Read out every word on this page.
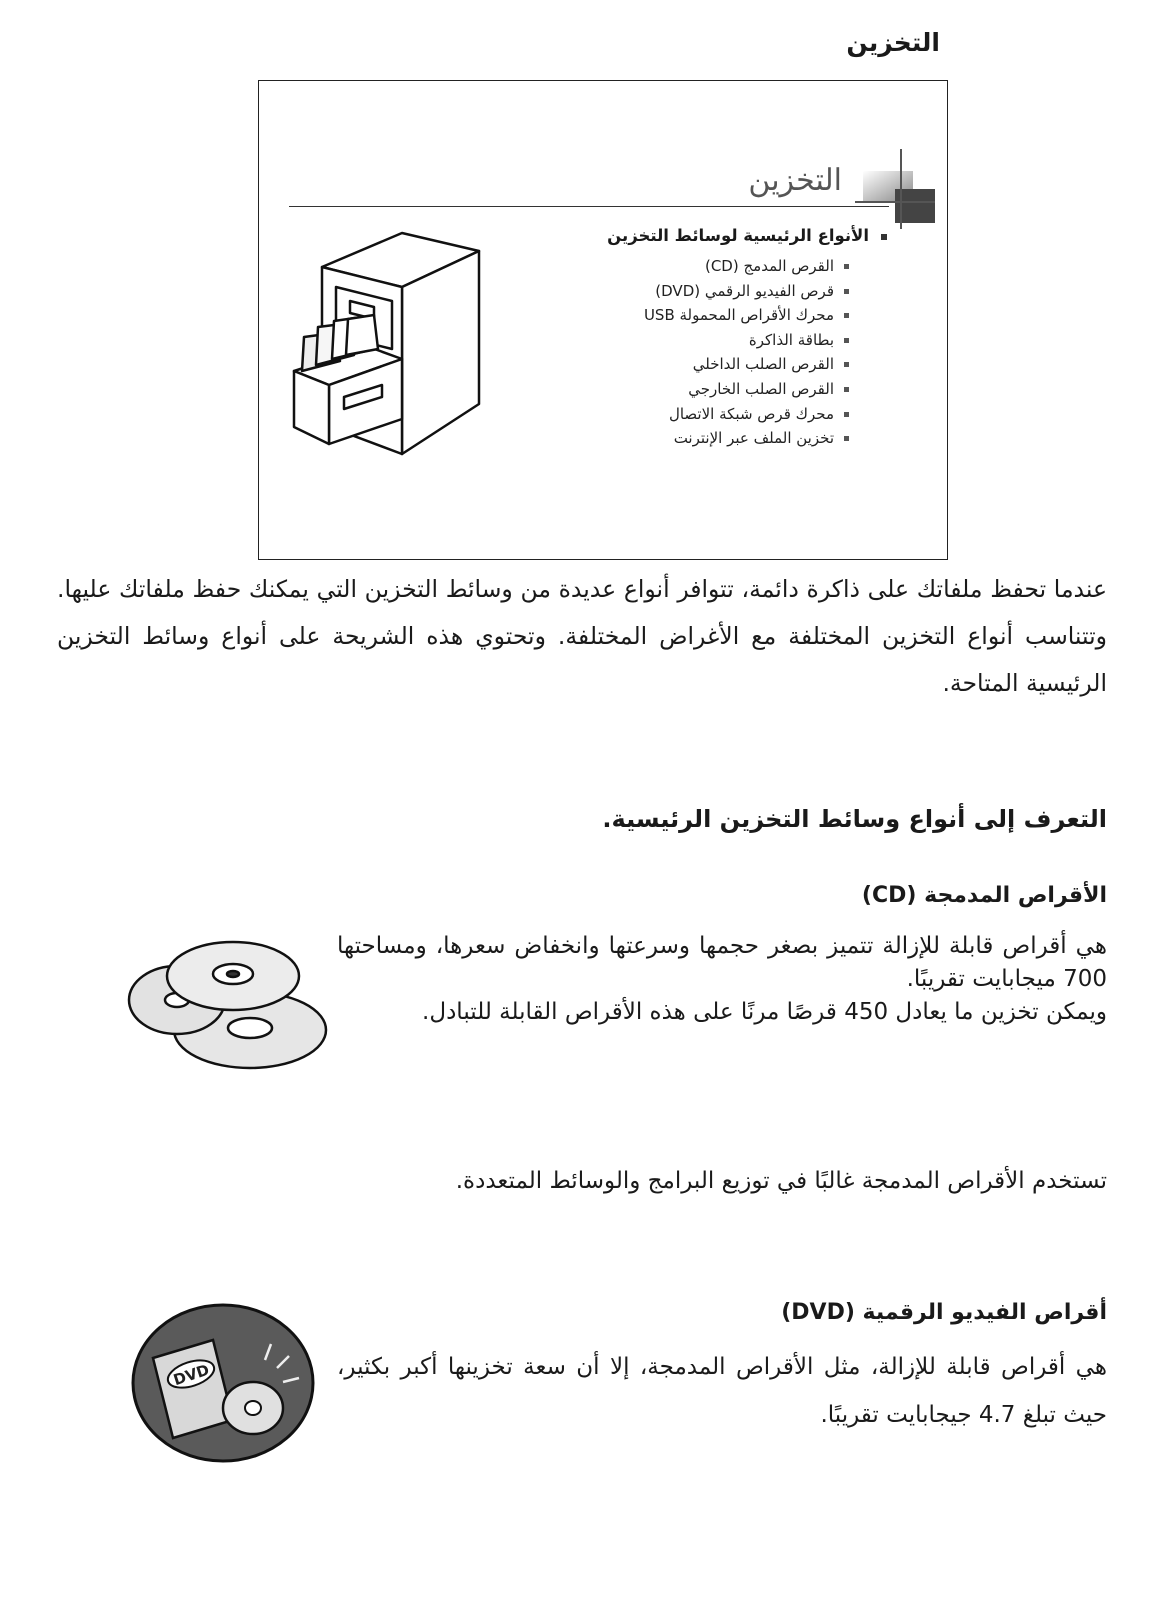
التخزين
التخزين
الأنواع الرئيسية لوسائط التخزين
القرص المدمج (CD)
قرص الفيديو الرقمي (DVD)
محرك الأقراص المحمولة USB
بطاقة الذاكرة
القرص الصلب الداخلي
القرص الصلب الخارجي
محرك قرص شبكة الاتصال
تخزين الملف عبر الإنترنت
عندما تحفظ ملفاتك على ذاكرة دائمة، تتوافر أنواع عديدة من وسائط التخزين التي يمكنك حفظ ملفاتك عليها. وتتناسب أنواع التخزين المختلفة مع الأغراض المختلفة. وتحتوي هذه الشريحة على أنواع وسائط التخزين الرئيسية المتاحة.
التعرف إلى أنواع وسائط التخزين الرئيسية.
الأقراص المدمجة (CD)
هي أقراص قابلة للإزالة تتميز بصغر حجمها وسرعتها وانخفاض سعرها، ومساحتها 700 ميجابايت تقريبًا.
ويمكن تخزين ما يعادل 450 قرصًا مرنًا على هذه الأقراص القابلة للتبادل.
تستخدم الأقراص المدمجة غالبًا في توزيع البرامج والوسائط المتعددة.
أقراص الفيديو الرقمية (DVD)
هي أقراص قابلة للإزالة، مثل الأقراص المدمجة، إلا أن سعة تخزينها أكبر بكثير، حيث تبلغ 4.7 جيجابايت تقريبًا.
DVD
